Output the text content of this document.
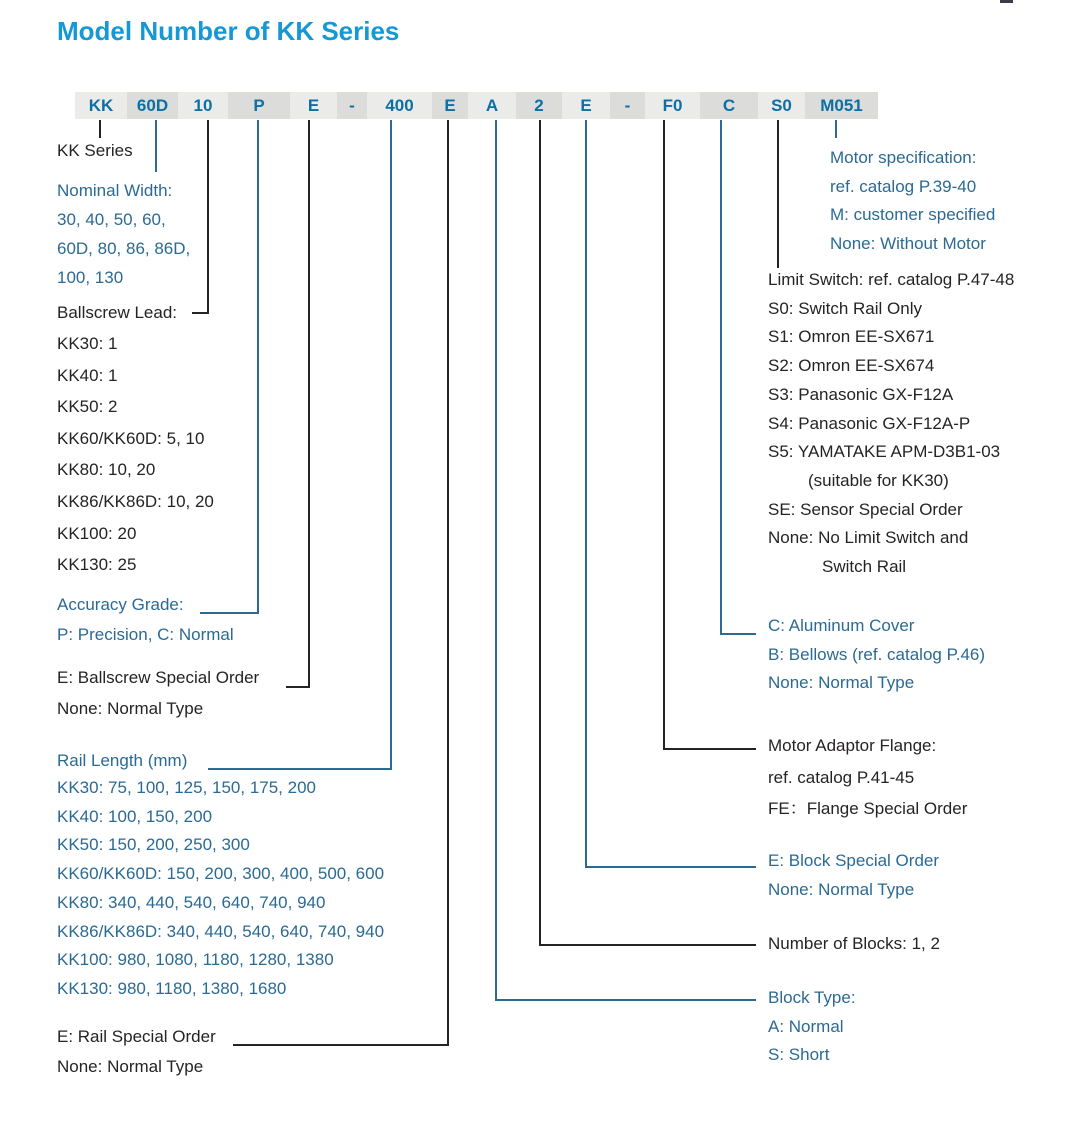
Model Number of KK Series
KK	60D	10	P	E	-	400	E	A	2	E	-	F0	C	S0	M051
KK Series
Nominal Width:
30, 40, 50, 60,
60D, 80, 86, 86D,
100, 130
Ballscrew Lead:
KK30: 1
KK40: 1
KK50: 2
KK60/KK60D: 5, 10
KK80: 10, 20
KK86/KK86D: 10, 20
KK100: 20
KK130: 25
Accuracy Grade:
P: Precision, C: Normal
E: Ballscrew Special Order
None: Normal Type
Rail Length (mm)
KK30: 75, 100, 125, 150, 175, 200
KK40: 100, 150, 200
KK50: 150, 200, 250, 300
KK60/KK60D: 150, 200, 300, 400, 500, 600
KK80: 340, 440, 540, 640, 740, 940
KK86/KK86D: 340, 440, 540, 640, 740, 940
KK100: 980, 1080, 1180, 1280, 1380
KK130: 980, 1180, 1380, 1680
E: Rail Special Order
None: Normal Type
Motor specification:
ref. catalog P.39-40
M: customer specified
None: Without Motor
Limit Switch: ref. catalog P.47-48
S0: Switch Rail Only
S1: Omron EE-SX671
S2: Omron EE-SX674
S3: Panasonic GX-F12A
S4: Panasonic GX-F12A-P
S5: YAMATAKE APM-D3B1-03
(suitable for KK30)
SE: Sensor Special Order
None: No Limit Switch and
Switch Rail
C: Aluminum Cover
B: Bellows (ref. catalog P.46)
None: Normal Type
Motor Adaptor Flange:
ref. catalog P.41-45
FE：Flange Special Order
E: Block Special Order
None: Normal Type
Number of Blocks: 1, 2
Block Type:
A: Normal
S: Short
